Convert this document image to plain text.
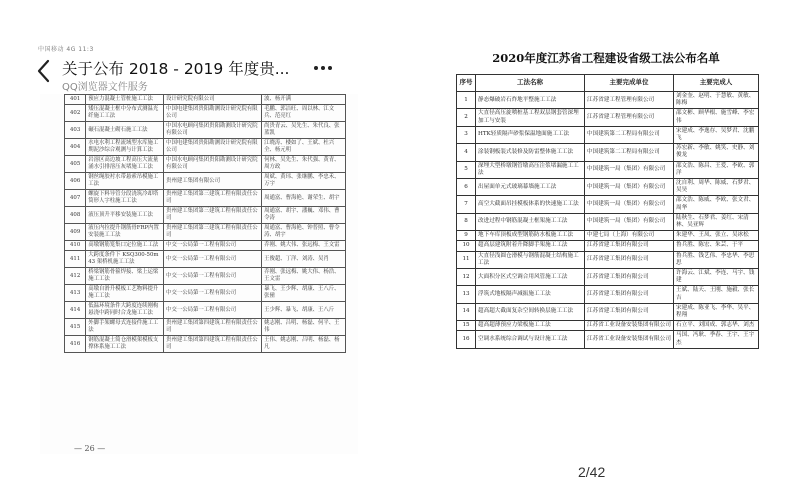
中国移动 4G 11:3
关于公布 2018 - 2019 年度贵...
QQ浏览器文件服务
401	预应力混凝土管桩施工工法	设计研究院有限公司	波、杨开满
402	矮压混凝土框中分布式测温光纤施工工法	中国电建集团贵阳勘测设计研究院有限公司	毛鹏、郭洁旺、周以林、江文兵、范亮红
403	碾石混凝土砌石施工工法	中国水电顾问集团贵阳勘测设计研究院有限公司	尚贵青云、吴先生、朱代良、张蓝凯
404	水电水利工程流域型水库施工期泥沙综合观测与计算工法	中国电建集团贵阳勘测设计研究院有限公司	江晓涛、楼如了、王斌、杜兴全、杨元明
405	岩溶区高边坡工程高压大流量涌水引排溶压灰堵施工工法	中国水电顾问集团贵阳勘测设计研究院有限公司	何林、吴先生、朱代强、黄青、周方政
406	钢丝绳胶衬水带悬索吊模施工工法	贵州建工集团有限公司	周斌、黄玮、张继鹏、李忠禾、万宇
407	螺旋下料导管分段浇筑冷却塔筒形人字柱施工工法	贵州建工集团第三建筑工程有限责任公司	周通富、曹海艳、谢荣生、胡宇
408	液压顶升平移安装施工工法	贵州建工集团第三建筑工程有限责任公司	周通富、胡宇、潘巍、邓伟、曹令涛
409	液压内拉提升钢筋骨FRP内置安装施工工法	贵州建工集团第三建筑工程有限责任公司	周通富、曹海艳、钟普照、曹令涛、胡宇
410	高墩钢筋笼集口定位施工工法	中交一公局第一工程有限公司	乔刚、姚大伟、张远梅、王文雷
411	大跨度条件下 KSQ300-50m43 架桥机施工工法	中交一公局第一工程有限公司	王俊超、丁洋、刘涛、吴肖
412	桥梁钢筋骨箍焊接、梁上运梁施工工法	中交一公局第一工程有限公司	乔刚、张远梅、姚大伟、杨浩、王文雷
413	高墩自滑升模板工艺物料提升施工工法	中交一公局第一工程有限公司	暴飞、王少辉、胡康、王八斤、张僮
414	低温环境条件大跨度连续刚构悬浇中跨同时合龙施工工法	中交一公局第一工程有限公司	王少辉、暴飞、胡康、王八斤
415	外脚手架螺母式连接件施工工法	贵州建工集团第四建筑工程有限责任公司	姚志刚、吕明、杨磊、何平、王伟
416	钢筋混凝土简仓滑模架模板支撑体系施工工法	贵州建工集团第四建筑工程有限责任公司	王伟、姚志刚、吕明、杨磊、杨凡
— 26 —
2020年度江苏省工程建设省级工法公布名单
序号	工法名称	主要完成单位	主要完成人
1	静态爆破岩石炸地平整施工工法	江苏省建工程管理有限公司	刘金奎、赵明、于慧敏、黄敏、陈梅
2	大直径高压旋喷桩基工程双层钢套管深埋加工与安装	江苏省建工程管理有限公司	邵文彬、顾华根、施雪峰、李宏伟
3	HTK轻质隔声砂浆保温地面施工工法	中国建筑第二工程局有限公司	宋建成、李逸存、吴梦君、沈鹏飞
4	涂装钢板装式装修及防雷整体施工工法	中国建筑第二工程局有限公司	苏宏新、李敏、姚笑、史静、刘俊龙
5	深埋大型桥墩钢管墩高压注浆堵漏施工工法	中国建筑一局（集团）有限公司	邵文浩、陈昌、王爱、李欧、郭洋
6	出屋面单元式玻璃幕墙施工工法	中国建筑一局（集团）有限公司	沈自利、周华、陈威、石梦君、吴昊
7	高空大截面吊挂模板体系的快速施工工法	中国建筑一局（集团）有限公司	邵文浩、陈威、李欧、张文君、周华
8	改进过程中钢筋混凝土框架施工工法	中国建筑一局（集团）有限公司	陆秋生、石梦君、姜红、宋清林、吴亚辉
9	地下车库顶板成型钢筋防水板施工工法	中建七局（上海）有限公司	朱建华、王凤、张立、吴冰松
10	超高层建筑附着升降脚手架施工工法	江苏省建工集团有限公司	鲁兵胜、陈宏、朱芸、于平
11	大直径浅圆仓滑模与钢筋混凝土结构施工工法	江苏省建工集团有限公司	鲁兵胜、钱艺伟、李忠华、李思思
12	大面积分区式空调合用风管施工工法	江苏省建工集团有限公司	许海云、江斌、李连、马宇、钱建
13	浮筑式地板隔声减振施工工法	江苏省建工集团有限公司	王斌、陆天、王刚、施毅、张长吉
14	超高超大截面复杂空间转换层施工工法	江苏省建工集团有限公司	宋建成、陈亚飞、李华、吴平、程翔
15	超高超薄预应力梁板施工工法	江苏省工业设备安装集团有限公司	石立平、刘国成、郭志华、刘杰
16	空调水系统综合调试与设计施工工法	江苏省工业设备安装集团有限公司	马国、冯耿、季春、王宇、王宇杰
2/42
